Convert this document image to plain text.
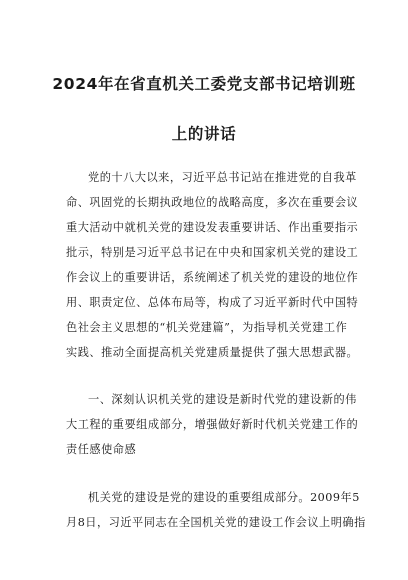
2024年在省直机关工委党支部书记培训班
上的讲话
党的十八大以来，习近平总书记站在推进党的自我革
命、巩固党的长期执政地位的战略高度，多次在重要会议
重大活动中就机关党的建设发表重要讲话、作出重要指示
批示，特别是习近平总书记在中央和国家机关党的建设工
作会议上的重要讲话，系统阐述了机关党的建设的地位作
用、职责定位、总体布局等，构成了习近平新时代中国特
色社会主义思想的“机关党建篇”，为指导机关党建工作
实践、推动全面提高机关党建质量提供了强大思想武器。
一、深刻认识机关党的建设是新时代党的建设新的伟
大工程的重要组成部分，增强做好新时代机关党建工作的
责任感使命感
机关党的建设是党的建设的重要组成部分。2009年5
月8日，习近平同志在全国机关党的建设工作会议上明确指
